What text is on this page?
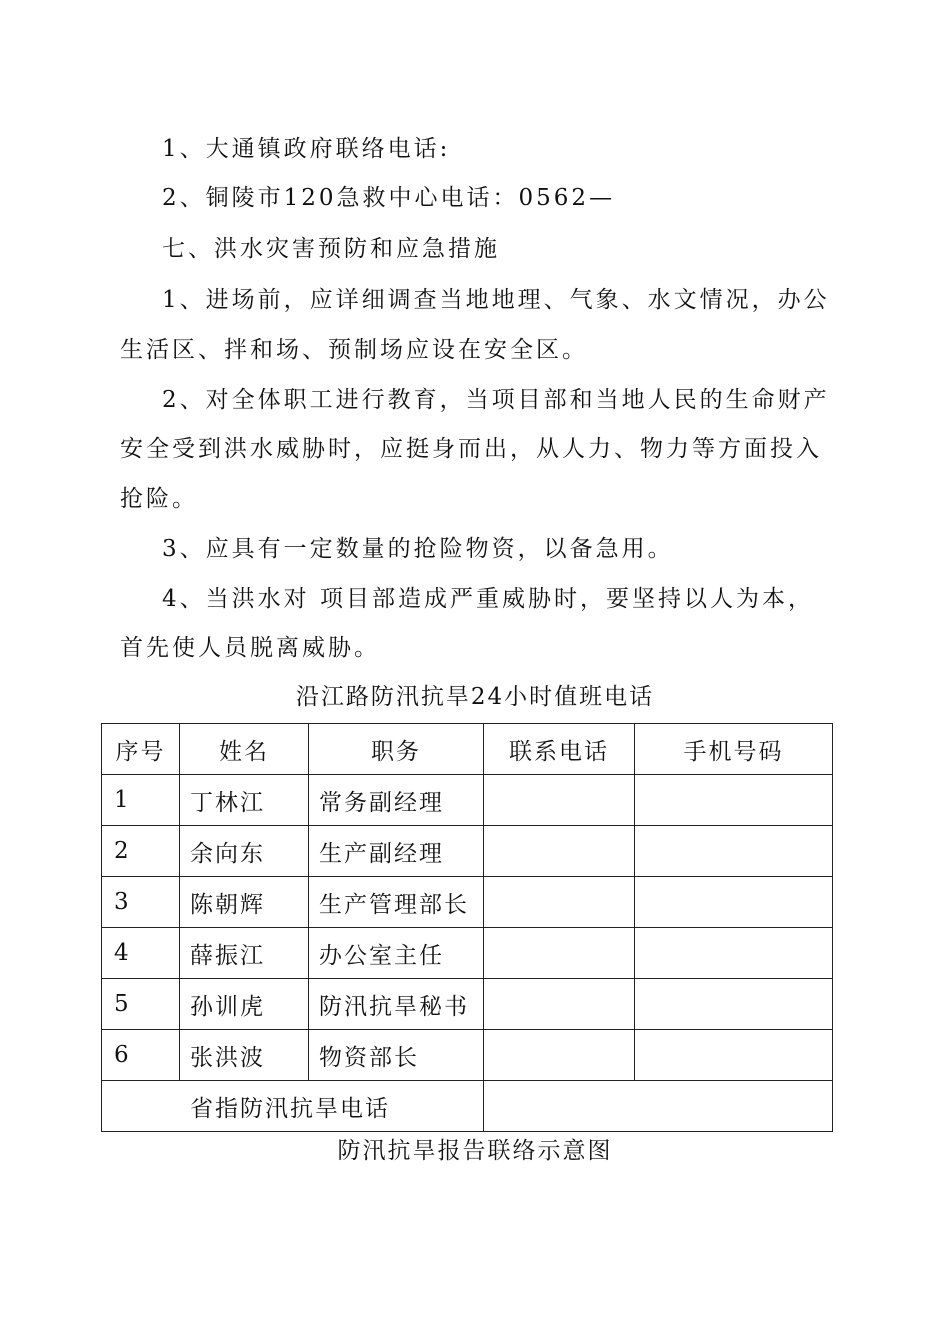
1、大通镇政府联络电话:
2、铜陵市120急救中心电话：0562—
七、洪水灾害预防和应急措施
1、进场前，应详细调查当地地理、气象、水文情况，办公
生活区、拌和场、预制场应设在安全区。
2、对全体职工进行教育，当项目部和当地人民的生命财产
安全受到洪水威胁时，应挺身而出，从人力、物力等方面投入
抢险。
3、应具有一定数量的抢险物资，以备急用。
4、当洪水对 项目部造成严重威胁时，要坚持以人为本，
首先使人员脱离威胁。
沿江路防汛抗旱24小时值班电话
序号	姓名	职务	联系电话	手机号码
1	丁林江	常务副经理		
2	余向东	生产副经理		
3	陈朝辉	生产管理部长		
4	薛振江	办公室主任		
5	孙训虎	防汛抗旱秘书		
6	张洪波	物资部长		
省指防汛抗旱电话				
防汛抗旱报告联络示意图
